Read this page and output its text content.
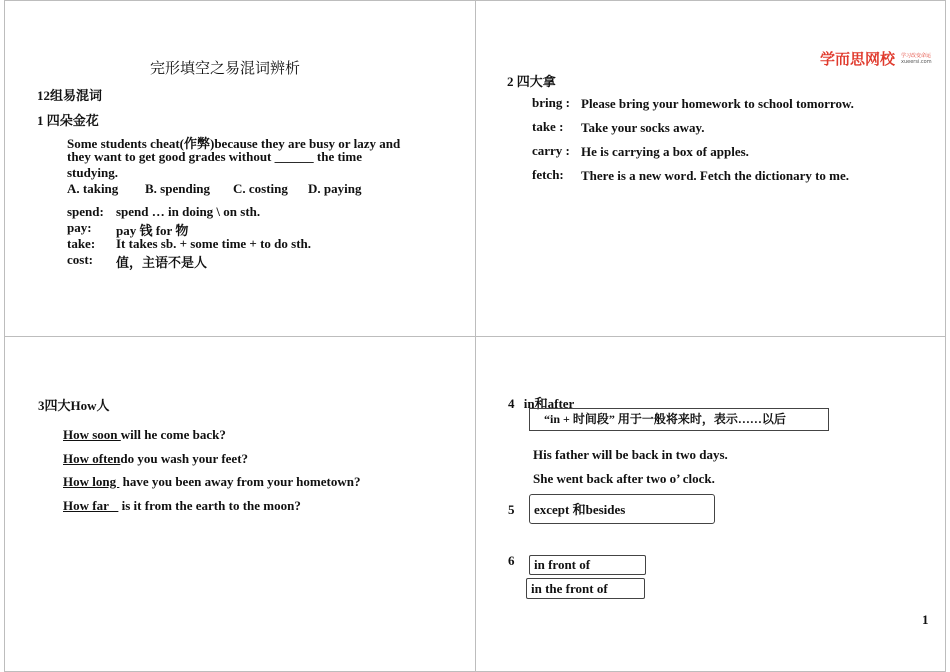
完形填空之易混词辨析
12组易混词
1 四朵金花
Some students cheat(作弊)because they are busy or lazy and
they want to get good grades without ______ the time
studying.
A. taking B. spending C. costing D. paying
spend: spend … in doing \ on sth.
pay: pay 钱 for 物
take: It takes sb. + some time + to do sth.
cost: 值，主语不是人
学而思网校 学习改变命运
xueersi.com
2 四大拿
bring : Please bring your homework to school tomorrow.
take : Take your socks away.
carry : He is carrying a box of apples.
fetch: There is a new word. Fetch the dictionary to me.
3四大How人
How soon will he come back?
How oftendo you wash your feet?
How long  have you been away from your hometown?
How far    is it from the earth to the moon?
4 in和after
“in + 时间段” 用于一般将来时，表示……以后
His father will be back in two days.
She went back after two o’ clock.
5	except 和besides
6	in front of
in the front of
1
